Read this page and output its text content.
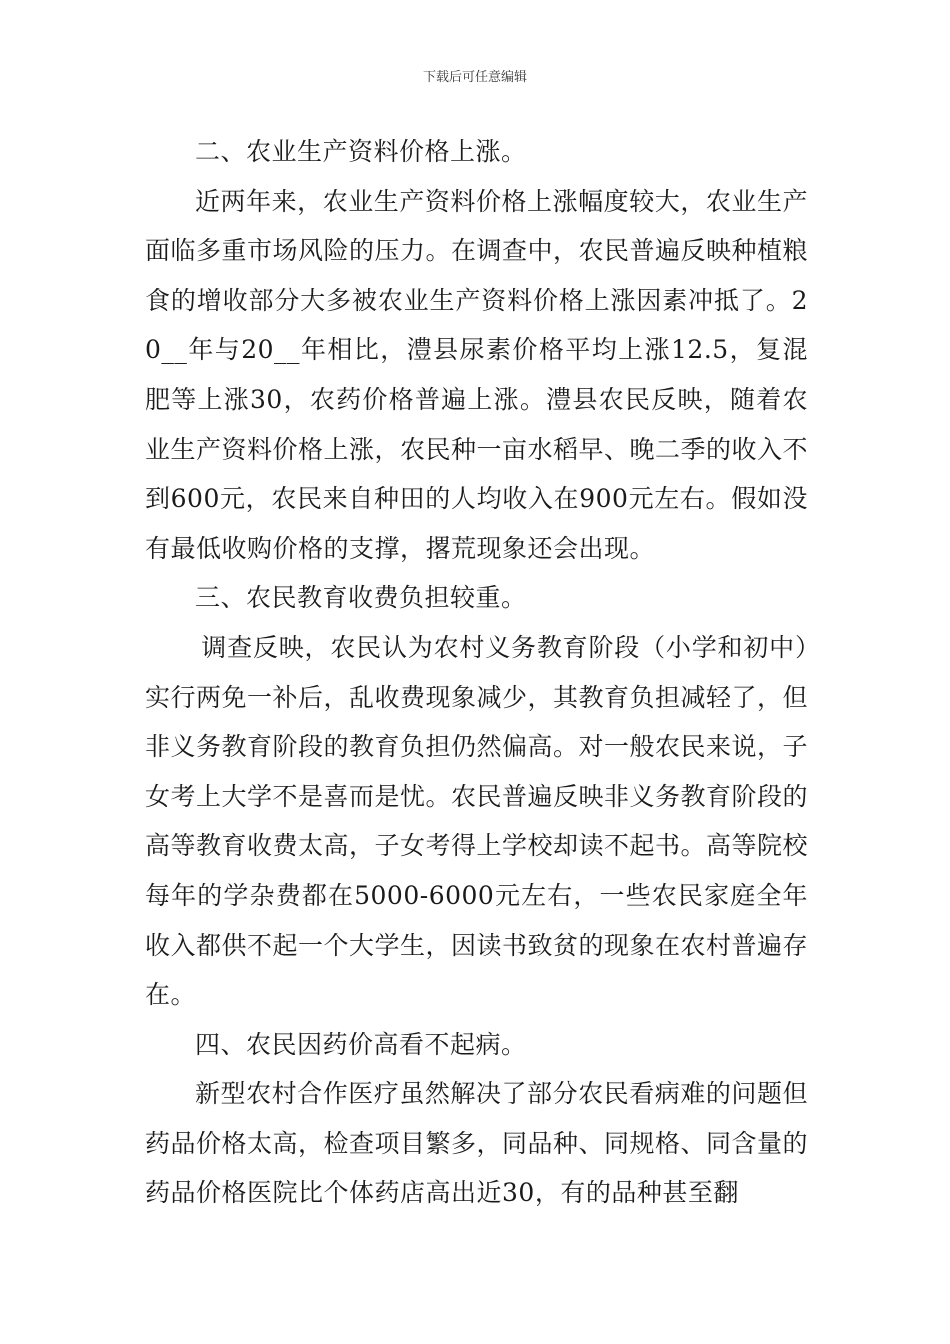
下载后可任意编辑

二、农业生产资料价格上涨。

近两年来，农业生产资料价格上涨幅度较大，农业生产面临多重市场风险的压力。在调查中，农民普遍反映种植粮食的增收部分大多被农业生产资料价格上涨因素冲抵了。20__年与20__年相比，澧县尿素价格平均上涨12.5，复混肥等上涨30，农药价格普遍上涨。澧县农民反映，随着农业生产资料价格上涨，农民种一亩水稻早、晚二季的收入不到600元，农民来自种田的人均收入在900元左右。假如没有最低收购价格的支撑，撂荒现象还会出现。

三、农民教育收费负担较重。

调查反映，农民认为农村义务教育阶段（小学和初中）实行两免一补后，乱收费现象减少，其教育负担减轻了，但非义务教育阶段的教育负担仍然偏高。对一般农民来说，子女考上大学不是喜而是忧。农民普遍反映非义务教育阶段的高等教育收费太高，子女考得上学校却读不起书。高等院校每年的学杂费都在5000-6000元左右，一些农民家庭全年收入都供不起一个大学生，因读书致贫的现象在农村普遍存在。

四、农民因药价高看不起病。

新型农村合作医疗虽然解决了部分农民看病难的问题但药品价格太高，检查项目繁多，同品种、同规格、同含量的药品价格医院比个体药店高出近30，有的品种甚至翻
